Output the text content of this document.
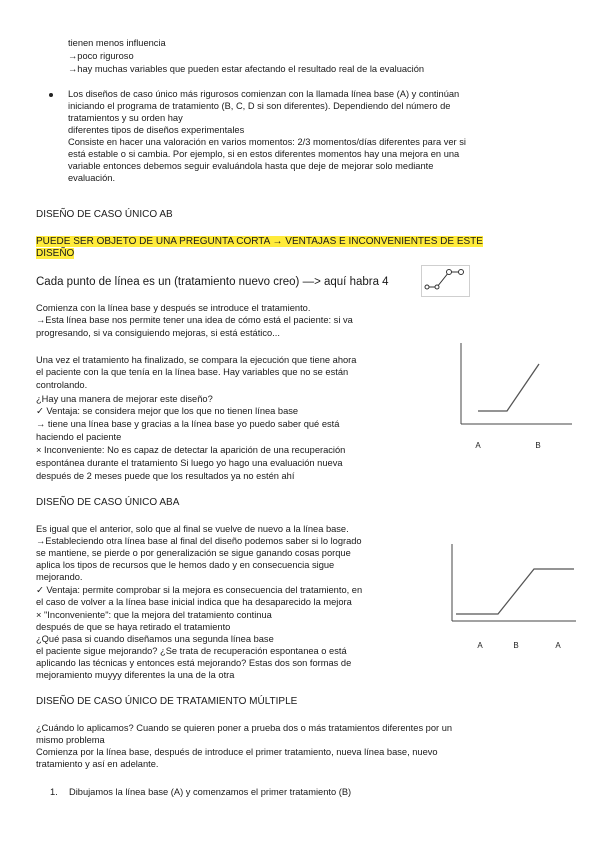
tienen menos influencia
→poco riguroso
→hay muchas variables que pueden estar afectando el resultado real de la evaluación
Los diseños de caso único más rigurosos comienzan con la llamada línea base (A) y continúan
iniciando el programa de tratamiento (B, C, D si son diferentes). Dependiendo del número de
tratamientos y su orden hay
diferentes tipos de diseños experimentales
Consiste en hacer una valoración en varios momentos: 2/3 momentos/días diferentes para ver si
está estable o si cambia. Por ejemplo, si en estos diferentes momentos hay una mejora en una
variable entonces debemos seguir evaluándola hasta que deje de mejorar solo mediante
evaluación.
DISEÑO DE CASO ÚNICO AB
PUEDE SER OBJETO DE UNA PREGUNTA CORTA → VENTAJAS E INCONVENIENTES DE ESTE
DISEÑO
Cada punto de línea es un (tratamiento nuevo creo) —> aquí habra 4
Comienza con la línea base y después se introduce el tratamiento.
→Esta línea base nos permite tener una idea de cómo está el paciente: si va
progresando, si va consiguiendo mejoras, si está estático...
Una vez el tratamiento ha finalizado, se compara la ejecución que tiene ahora
el paciente con la que tenía en la línea base. Hay variables que no se están
controlando.
¿Hay una manera de mejorar este diseño?
✓ Ventaja: se considera mejor que los que no tienen línea base
→ tiene una línea base y gracias a la línea base yo puedo saber qué está
haciendo el paciente
× Inconveniente: No es capaz de detectar la aparición de una recuperación
espontánea durante el tratamiento Si luego yo hago una evaluación nueva
después de 2 meses puede que los resultados ya no estén ahí
A	B
DISEÑO DE CASO ÚNICO ABA
Es igual que el anterior, solo que al final se vuelve de nuevo a la línea base.
→Estableciendo otra línea base al final del diseño podemos saber si lo logrado
se mantiene, se pierde o por generalización se sigue ganando cosas porque
aplica los tipos de recursos que le hemos dado y en consecuencia sigue
mejorando.
✓ Ventaja: permite comprobar si la mejora es consecuencia del tratamiento, en
el caso de volver a la línea base inicial indica que ha desaparecido la mejora
× "Inconveniente": que la mejora del tratamiento continua
después de que se haya retirado el tratamiento
¿Qué pasa si cuando diseñamos una segunda línea base
el paciente sigue mejorando? ¿Se trata de recuperación espontanea o está
aplicando las técnicas y entonces está mejorando? Estas dos son formas de
mejoramiento muyyy diferentes la una de la otra
A	B	A
DISEÑO DE CASO ÚNICO DE TRATAMIENTO MÚLTIPLE
¿Cuándo lo aplicamos? Cuando se quieren poner a prueba dos o más tratamientos diferentes por un
mismo problema
Comienza por la línea base, después de introduce el primer tratamiento, nueva línea base, nuevo
tratamiento y así en adelante.
1. Dibujamos la línea base (A) y comenzamos el primer tratamiento (B)
